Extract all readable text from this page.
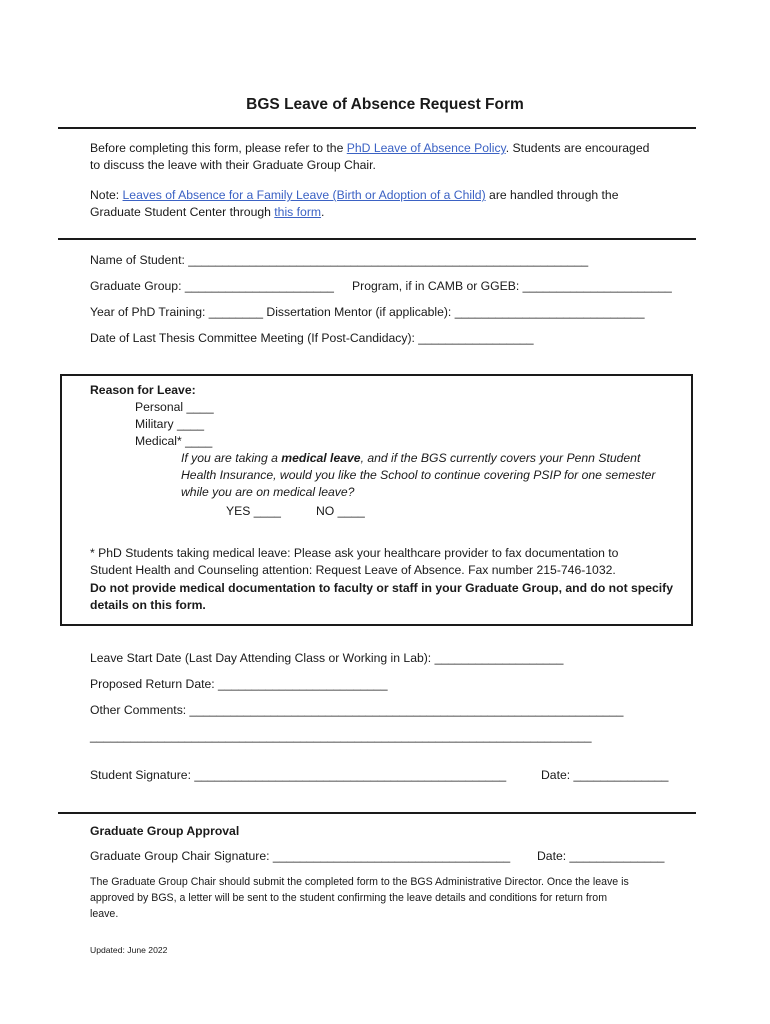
BGS Leave of Absence Request Form
Before completing this form, please refer to the PhD Leave of Absence Policy. Students are encouraged
to discuss the leave with their Graduate Group Chair.
Note: Leaves of Absence for a Family Leave (Birth or Adoption of a Child) are handled through the
Graduate Student Center through this form.
Name of Student: ___________________________________________________________
Graduate Group: ______________________ Program, if in CAMB or GGEB: ______________________
Year of PhD Training: ________ Dissertation Mentor (if applicable): ____________________________
Date of Last Thesis Committee Meeting (If Post-Candidacy): _________________
Reason for Leave:
Personal ____
Military ____
Medical* ____
If you are taking a medical leave, and if the BGS currently covers your Penn Student
Health Insurance, would you like the School to continue covering PSIP for one semester
while you are on medical leave?
YES ____	NO ____
* PhD Students taking medical leave: Please ask your healthcare provider to fax documentation to
Student Health and Counseling attention: Request Leave of Absence. Fax number 215-746-1032.
Do not provide medical documentation to faculty or staff in your Graduate Group, and do not specify
details on this form.
Leave Start Date (Last Day Attending Class or Working in Lab): ___________________
Proposed Return Date: _________________________
Other Comments: ________________________________________________________________
__________________________________________________________________________
Student Signature: ______________________________________________	Date: ______________
Graduate Group Approval
Graduate Group Chair Signature: ___________________________________ Date: ______________
The Graduate Group Chair should submit the completed form to the BGS Administrative Director. Once the leave is
approved by BGS, a letter will be sent to the student confirming the leave details and conditions for return from
leave.
Updated: June 2022
